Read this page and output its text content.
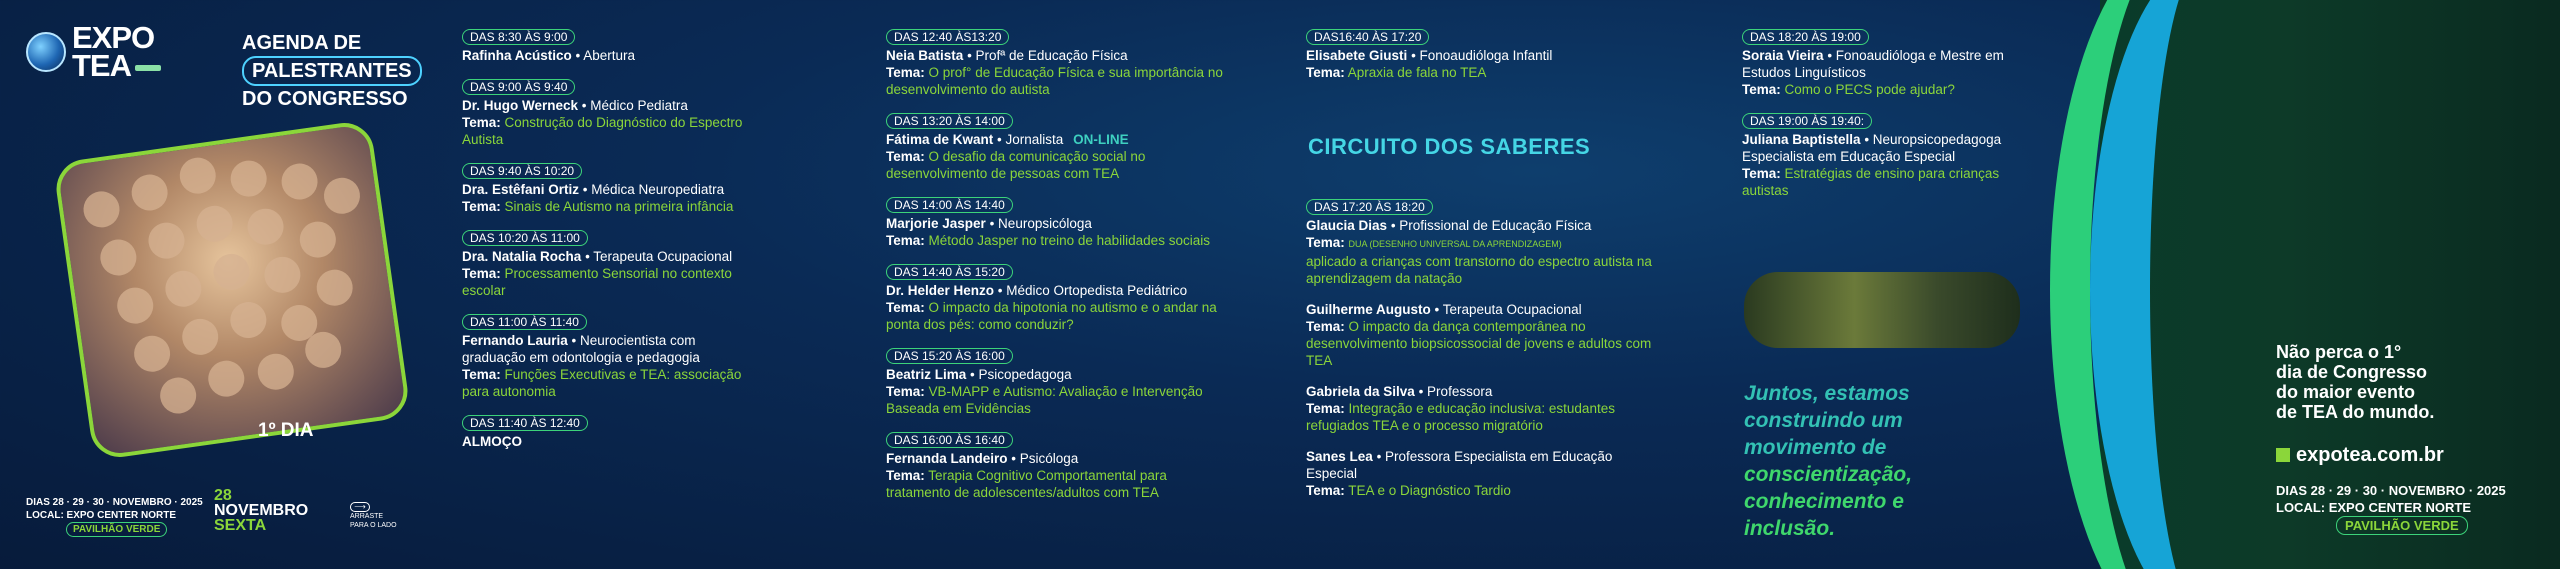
EXPO
TEA
AGENDA DE
PALESTRANTES
DO CONGRESSO
1º DIA
DIAS 28 · 29 · 30 · NOVEMBRO · 2025
LOCAL: EXPO CENTER NORTE
PAVILHÃO VERDE
28
NOVEMBRO
SEXTA
⟶
ARRASTE
PARA O LADO
DAS 8:30 ÀS 9:00
Rafinha Acústico • Abertura
DAS 9:00 ÀS 9:40
Dr. Hugo Werneck • Médico Pediatra
Tema: Construção do Diagnóstico do Espectro Autista
DAS 9:40 ÀS 10:20
Dra. Estêfani Ortiz • Médica Neuropediatra
Tema: Sinais de Autismo na primeira infância
DAS 10:20 ÀS 11:00
Dra. Natalia Rocha • Terapeuta Ocupacional
Tema: Processamento Sensorial no contexto escolar
DAS 11:00 ÀS 11:40
Fernando Lauria • Neurocientista com graduação em odontologia e pedagogia
Tema: Funções Executivas e TEA: associação para autonomia
DAS 11:40 ÀS 12:40
ALMOÇO
DAS 12:40 ÀS13:20
Neia Batista • Profª de Educação Física
Tema: O prof° de Educação Física e sua importância no desenvolvimento do autista
DAS 13:20 ÀS 14:00
Fátima de Kwant • Jornalista ON-LINE
Tema: O desafio da comunicação social no desenvolvimento de pessoas com TEA
DAS 14:00 ÀS 14:40
Marjorie Jasper • Neuropsicóloga
Tema: Método Jasper no treino de habilidades sociais
DAS 14:40 ÀS 15:20
Dr. Helder Henzo • Médico Ortopedista Pediátrico
Tema: O impacto da hipotonia no autismo e o andar na ponta dos pés: como conduzir?
DAS 15:20 ÀS 16:00
Beatriz Lima • Psicopedagoga
Tema: VB-MAPP e Autismo: Avaliação e Intervenção Baseada em Evidências
DAS 16:00 ÀS 16:40
Fernanda Landeiro • Psicóloga
Tema: Terapia Cognitivo Comportamental para tratamento de adolescentes/adultos com TEA
DAS16:40 ÀS 17:20
Elisabete Giusti • Fonoaudióloga Infantil
Tema: Apraxia de fala no TEA
CIRCUITO DOS SABERES
DAS 17:20 ÀS 18:20
Glaucia Dias • Profissional de Educação Física
Tema: DUA (DESENHO UNIVERSAL DA APRENDIZAGEM)
aplicado a crianças com transtorno do espectro autista na aprendizagem da natação
Guilherme Augusto • Terapeuta Ocupacional
Tema: O impacto da dança contemporânea no desenvolvimento biopsicossocial de jovens e adultos com TEA
Gabriela da Silva • Professora
Tema: Integração e educação inclusiva: estudantes refugiados TEA e o processo migratório
Sanes Lea • Professora Especialista em Educação Especial
Tema: TEA e o Diagnóstico Tardio
DAS 18:20 ÀS 19:00
Soraia Vieira • Fonoaudióloga e Mestre em Estudos Linguísticos
Tema: Como o PECS pode ajudar?
DAS 19:00 ÀS 19:40:
Juliana Baptistella • Neuropsicopedagoga Especialista em Educação Especial
Tema: Estratégias de ensino para crianças autistas
Juntos, estamos
construindo um
movimento de
conscientização,
conhecimento e
inclusão.
Não perca o 1°
dia de Congresso
do maior evento
de TEA do mundo.
expotea.com.br
DIAS 28 · 29 · 30 · NOVEMBRO · 2025
LOCAL: EXPO CENTER NORTE
PAVILHÃO VERDE
